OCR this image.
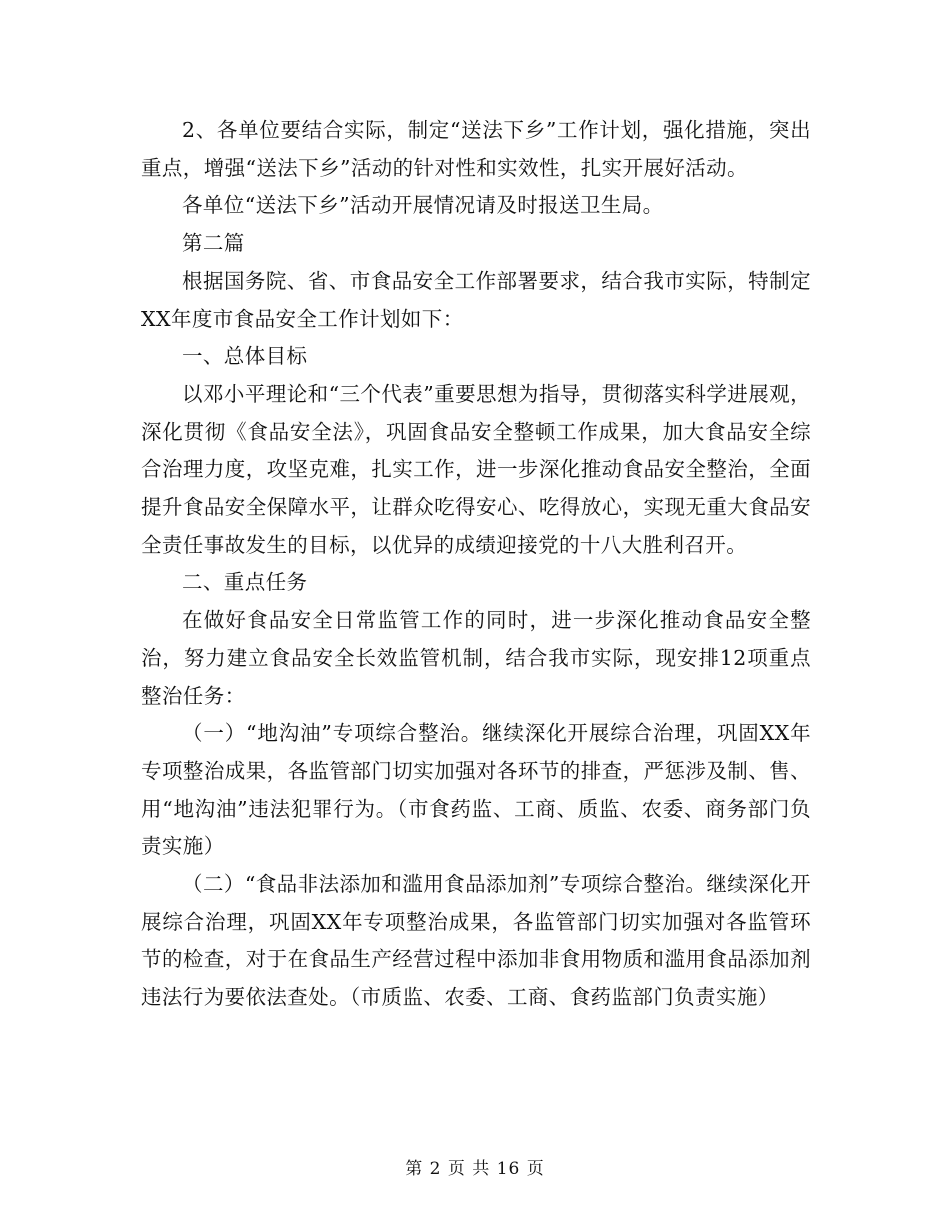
2、各单位要结合实际，制定“送法下乡”工作计划，强化措施，突出重点，增强“送法下乡”活动的针对性和实效性，扎实开展好活动。

各单位“送法下乡”活动开展情况请及时报送卫生局。

第二篇

根据国务院、省、市食品安全工作部署要求，结合我市实际，特制定XX年度市食品安全工作计划如下：

一、总体目标

以邓小平理论和“三个代表”重要思想为指导，贯彻落实科学进展观，深化贯彻《食品安全法》，巩固食品安全整顿工作成果，加大食品安全综合治理力度，攻坚克难，扎实工作，进一步深化推动食品安全整治，全面提升食品安全保障水平，让群众吃得安心、吃得放心，实现无重大食品安全责任事故发生的目标，以优异的成绩迎接党的十八大胜利召开。

二、重点任务

在做好食品安全日常监管工作的同时，进一步深化推动食品安全整治，努力建立食品安全长效监管机制，结合我市实际，现安排12项重点整治任务：

（一）“地沟油”专项综合整治。继续深化开展综合治理，巩固XX年专项整治成果，各监管部门切实加强对各环节的排查，严惩涉及制、售、用“地沟油”违法犯罪行为。（市食药监、工商、质监、农委、商务部门负责实施）

（二）“食品非法添加和滥用食品添加剂”专项综合整治。继续深化开展综合治理，巩固XX年专项整治成果，各监管部门切实加强对各监管环节的检查，对于在食品生产经营过程中添加非食用物质和滥用食品添加剂违法行为要依法查处。（市质监、农委、工商、食药监部门负责实施）

第 2 页 共 16 页
